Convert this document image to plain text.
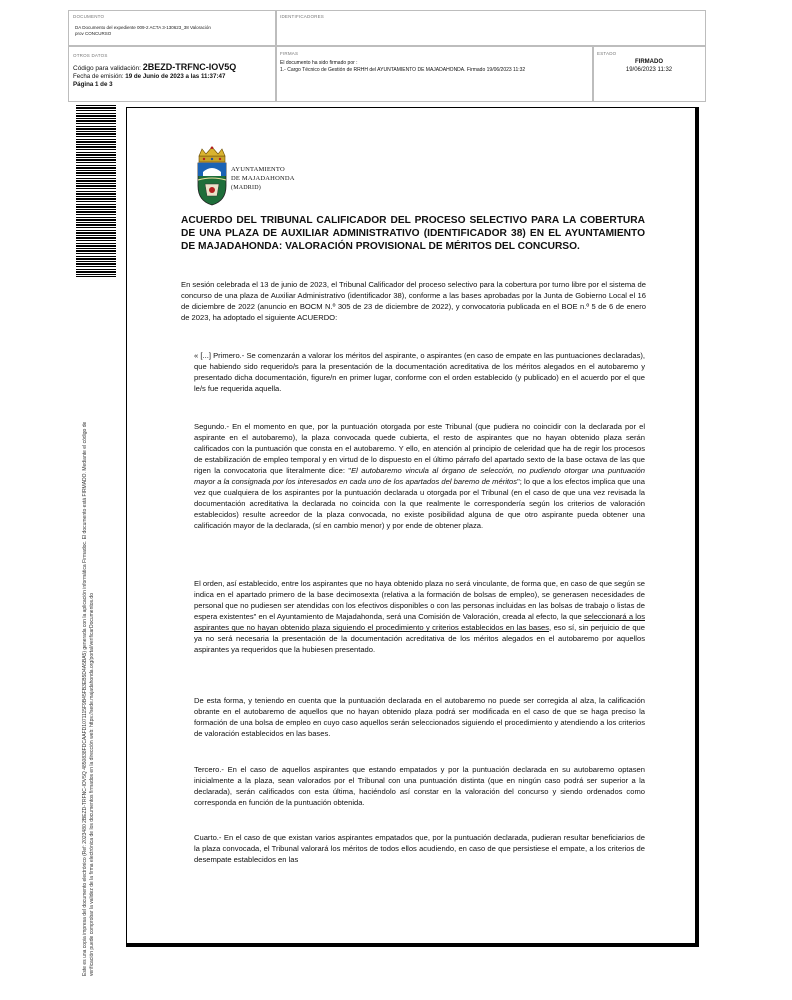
DOCUMENTO
DA Documento del expediente 009-2 ACTA 3-130623_38 Valoración
prov CONCURSO
IDENTIFICADORES
OTROS DATOS
Código para validación: 2BEZD-TRFNC-IOV5Q
Fecha de emisión: 19 de Junio de 2023 a las 11:37:47
Página 1 de 3
FIRMAS
El documento ha sido firmado por :
1.- Cargo Técnico de Gestión de RRHH del AYUNTAMIENTO DE MAJADAHONDA. Firmado 19/06/2023 11:32
ESTADO
FIRMADO
19/06/2023 11:32
Este es una copia impresa del documento electrónico (Ref: 2023480 2BEZD-TRFNC-IOV5Q 4850838FDCAAFD1071115F9B45FB3EB5D4A5BA5) generada con la aplicación informática Firmadoc. El documento está FIRMADO. Mediante el código de verificación puede comprobar la validez de la firma electrónica de los documentos firmados en la dirección web: https://sede.majadahonda.org/portal/verificarDocumentos.do
AYUNTAMIENTO
DE MAJADAHONDA
(MADRID)
ACUERDO DEL TRIBUNAL CALIFICADOR DEL PROCESO SELECTIVO PARA LA COBERTURA DE UNA PLAZA DE AUXILIAR ADMINISTRATIVO (IDENTIFICADOR 38) EN EL AYUNTAMIENTO DE MAJADAHONDA: VALORACIÓN PROVISIONAL DE MÉRITOS DEL CONCURSO.
En sesión celebrada el 13 de junio de 2023, el Tribunal Calificador del proceso selectivo para la cobertura por turno libre por el sistema de concurso de una plaza de Auxiliar Administrativo (identificador 38), conforme a las bases aprobadas por la Junta de Gobierno Local el 16 de diciembre de 2022 (anuncio en BOCM N.º 305 de 23 de diciembre de 2022), y convocatoria publicada en el BOE n.º 5 de 6 de enero de 2023, ha adoptado el siguiente ACUERDO:
« [...] Primero.- Se comenzarán a valorar los méritos del aspirante, o aspirantes (en caso de empate en las puntuaciones declaradas), que habiendo sido requerido/s para la presentación de la documentación acreditativa de los méritos alegados en el autobaremo y presentado dicha documentación, figure/n en primer lugar, conforme con el orden establecido (y publicado) en el acuerdo por el que le/s fue requerida aquella.
Segundo.- En el momento en que, por la puntuación otorgada por este Tribunal (que pudiera no coincidir con la declarada por el aspirante en el autobaremo), la plaza convocada quede cubierta, el resto de aspirantes que no hayan obtenido plaza serán calificados con la puntuación que consta en el autobaremo. Y ello, en atención al principio de celeridad que ha de regir los procesos de estabilización de empleo temporal y en virtud de lo dispuesto en el último párrafo del apartado sexto de la base octava de las que rigen la convocatoria que literalmente dice: "El autobaremo vincula al órgano de selección, no pudiendo otorgar una puntuación mayor a la consignada por los interesados en cada uno de los apartados del baremo de méritos"; lo que a los efectos implica que una vez que cualquiera de los aspirantes por la puntuación declarada u otorgada por el Tribunal (en el caso de que una vez revisada la documentación acreditativa la declarada no coincida con la que realmente le correspondería según los criterios de valoración establecidos) resulte acreedor de la plaza convocada, no existe posibilidad alguna de que otro aspirante pueda obtener una calificación mayor de la declarada, (sí en cambio menor) y por ende de obtener plaza.
El orden, así establecido, entre los aspirantes que no haya obtenido plaza no será vinculante, de forma que, en caso de que según se indica en el apartado primero de la base decimosexta (relativa a la formación de bolsas de empleo), se generasen necesidades de personal que no pudiesen ser atendidas con los efectivos disponibles o con las personas incluidas en las bolsas de trabajo o listas de espera existentes" en el Ayuntamiento de Majadahonda, será una Comisión de Valoración, creada al efecto, la que seleccionará a los aspirantes que no hayan obtenido plaza siguiendo el procedimiento y criterios establecidos en las bases, eso sí, sin perjuicio de que ya no será necesaria la presentación de la documentación acreditativa de los méritos alegados en el autobaremo por aquellos aspirantes ya requeridos que la hubiesen presentado.
De esta forma, y teniendo en cuenta que la puntuación declarada en el autobaremo no puede ser corregida al alza, la calificación obrante en el autobaremo de aquellos que no hayan obtenido plaza podrá ser modificada en el caso de que se haga preciso la formación de una bolsa de empleo en cuyo caso aquellos serán seleccionados siguiendo el procedimiento y atendiendo a los criterios de valoración establecidos en las bases.
Tercero.- En el caso de aquellos aspirantes que estando empatados y por la puntuación declarada en su autobaremo optasen inicialmente a la plaza, sean valorados por el Tribunal con una puntuación distinta (que en ningún caso podrá ser superior a la declarada), serán calificados con esta última, haciéndolo así constar en la valoración del concurso y siendo ordenados como corresponda en función de la puntuación obtenida.
Cuarto.- En el caso de que existan varios aspirantes empatados que, por la puntuación declarada, pudieran resultar beneficiarios de la plaza convocada, el Tribunal valorará los méritos de todos ellos acudiendo, en caso de que persistiese el empate, a los criterios de desempate establecidos en las
